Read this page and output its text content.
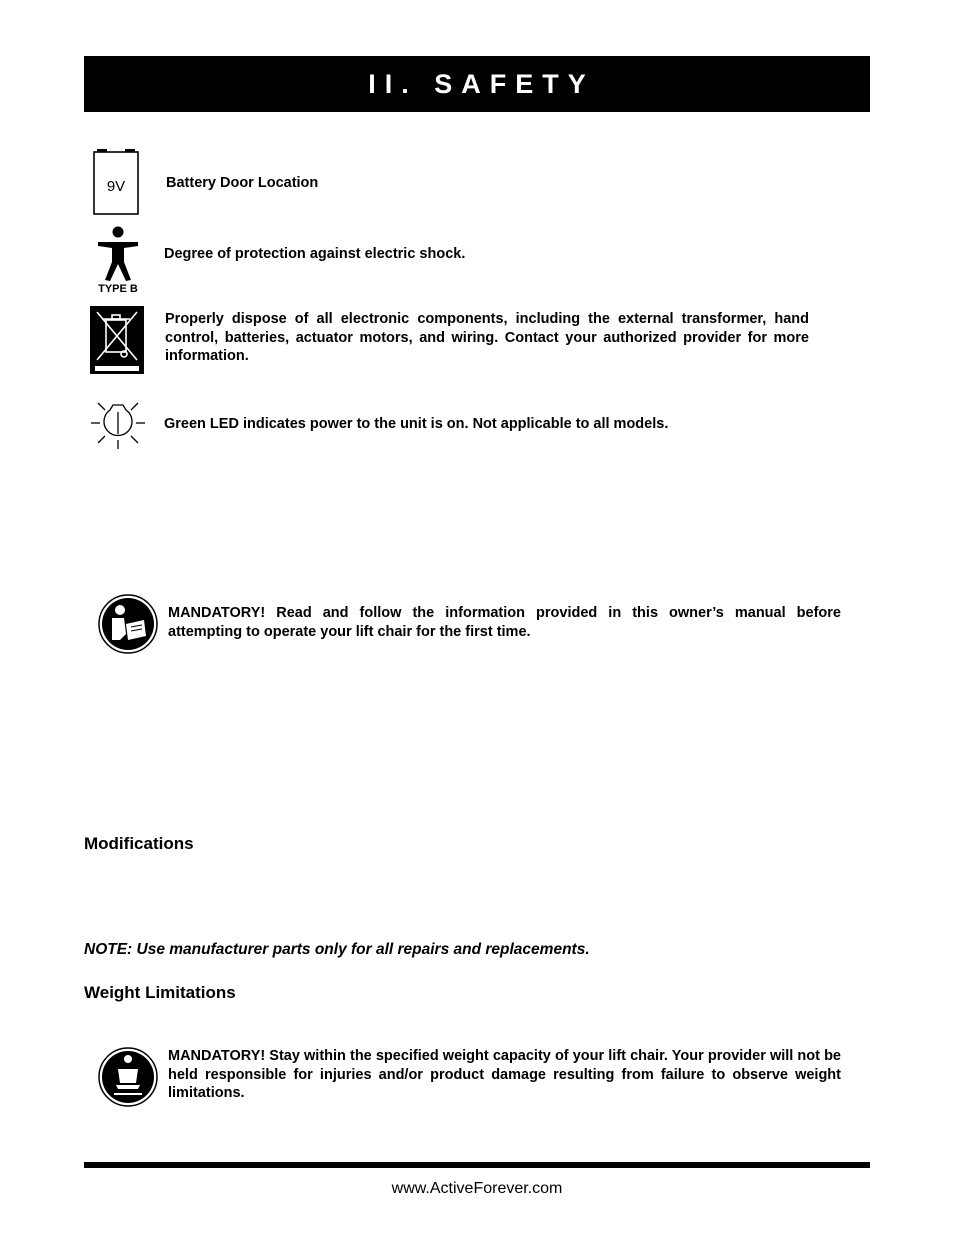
II. SAFETY
9V	Battery Door Location
TYPE B
Degree of protection against electric shock.
Properly dispose of all electronic components, including the external transformer, hand control, batteries, actuator motors, and wiring. Contact your authorized provider for more information.
Green LED indicates power to the unit is on. Not applicable to all models.
MANDATORY! Read and follow the information provided in this owner’s manual before attempting to operate your lift chair for the first time.
Modifications
NOTE: Use manufacturer parts only for all repairs and replacements.
Weight Limitations
MANDATORY! Stay within the specified weight capacity of your lift chair. Your provider will not be held responsible for injuries and/or product damage resulting from failure to observe weight limitations.
www.ActiveForever.com
